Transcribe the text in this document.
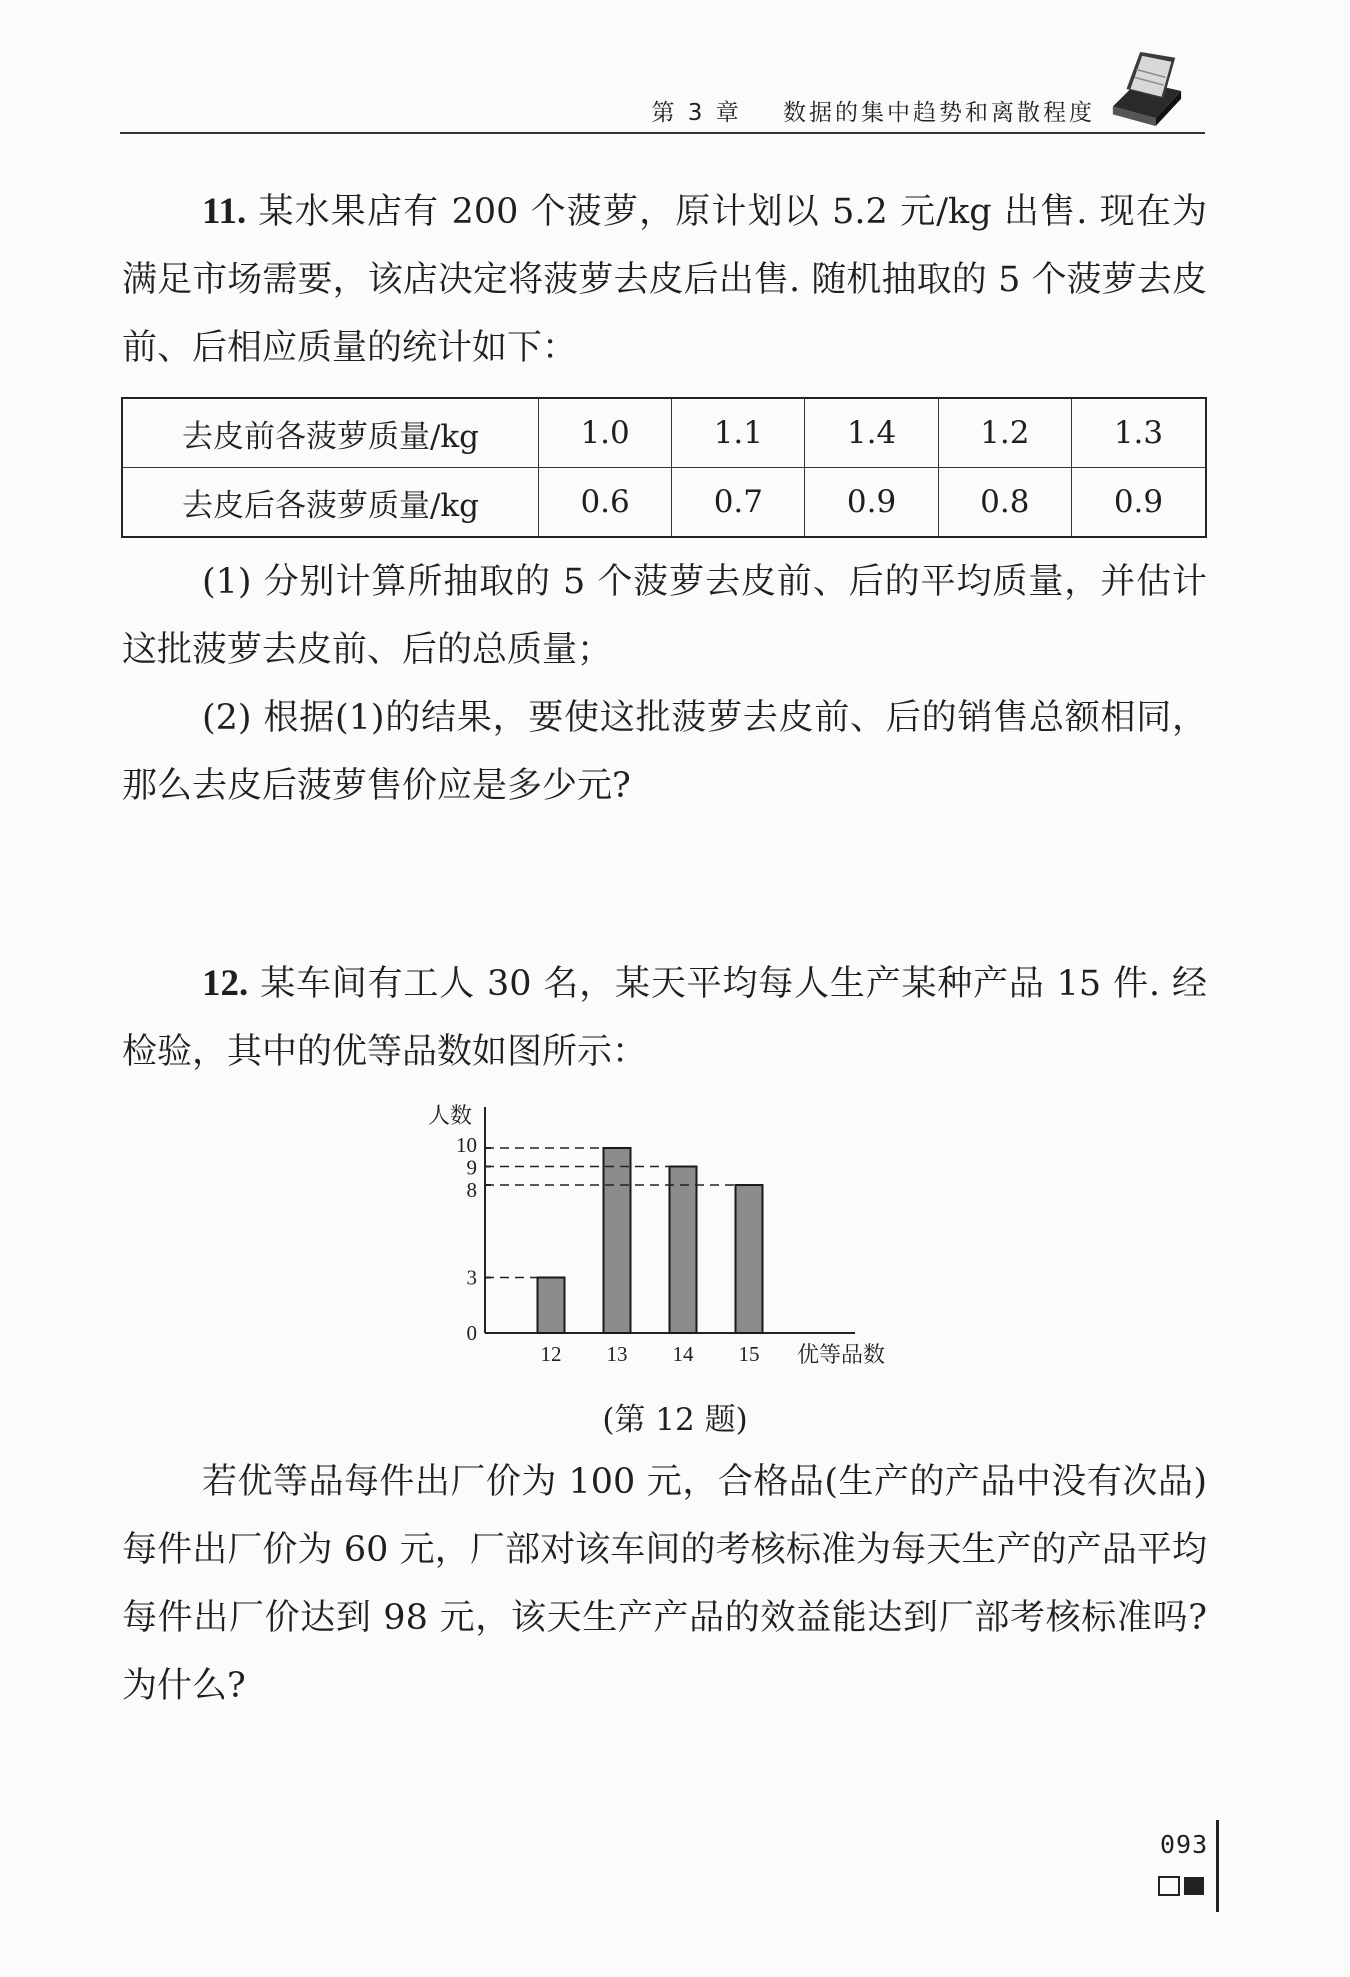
第 3 章 数据的集中趋势和离散程度

11. 某水果店有 200 个菠萝，原计划以 5.2 元/kg 出售. 现在为满足市场需要，该店决定将菠萝去皮后出售. 随机抽取的 5 个菠萝去皮前、后相应质量的统计如下：

去皮前各菠萝质量/kg	1.0	1.1	1.4	1.2	1.3
去皮后各菠萝质量/kg	0.6	0.7	0.9	0.8	0.9

(1) 分别计算所抽取的 5 个菠萝去皮前、后的平均质量，并估计这批菠萝去皮前、后的总质量；

(2) 根据(1)的结果，要使这批菠萝去皮前、后的销售总额相同，那么去皮后菠萝售价应是多少元?

12. 某车间有工人 30 名，某天平均每人生产某种产品 15 件. 经检验，其中的优等品数如图所示：

人数
优等品数
0
3
8
9
10
12 13 14 15
(第 12 题)

若优等品每件出厂价为 100 元，合格品(生产的产品中没有次品)每件出厂价为 60 元，厂部对该车间的考核标准为每天生产的产品平均每件出厂价达到 98 元，该天生产产品的效益能达到厂部考核标准吗? 为什么?

093
